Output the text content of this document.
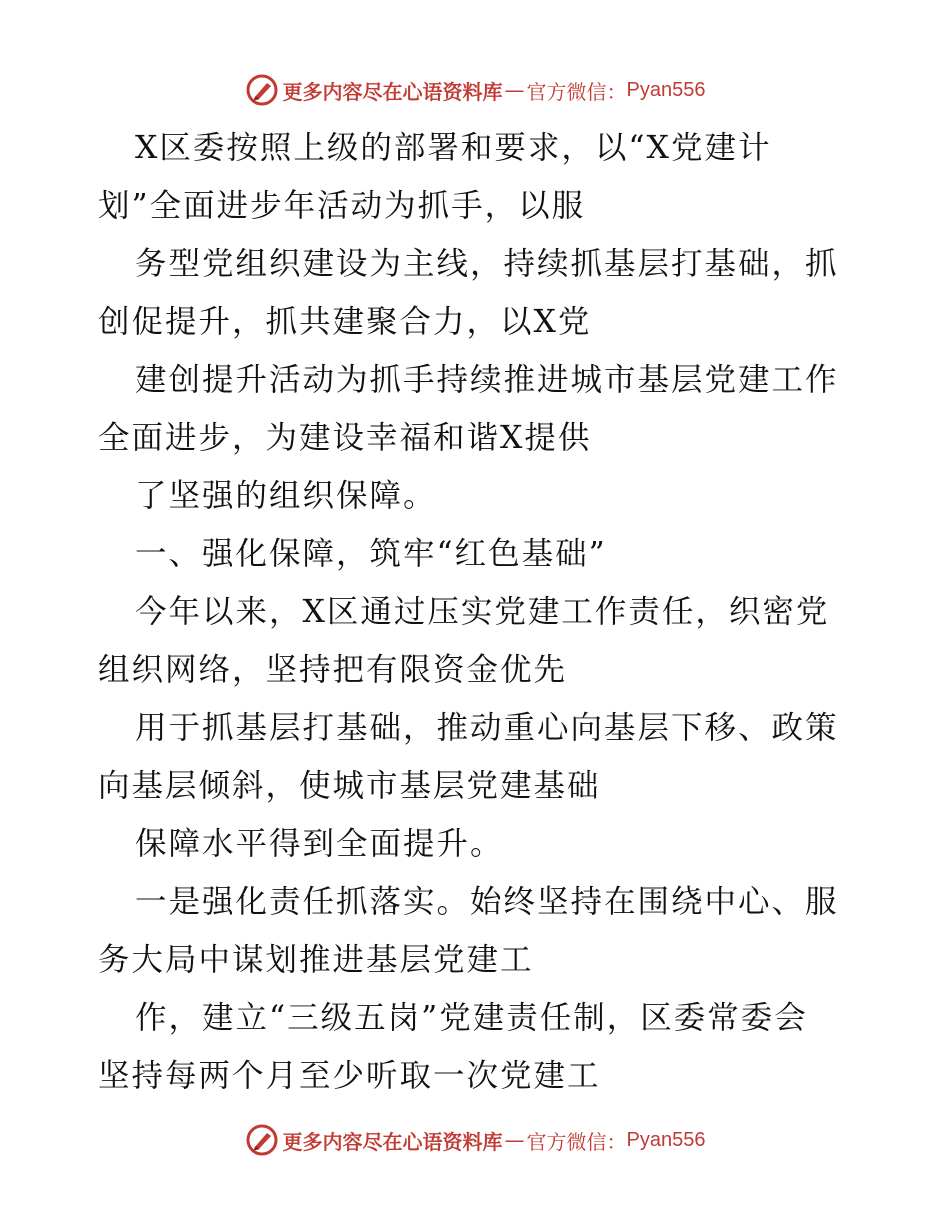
更多内容尽在心语资料库 — 官方微信： Pyan556
X区委按照上级的部署和要求，以“X党建计
划”全面进步年活动为抓手，以服
务型党组织建设为主线，持续抓基层打基础，抓
创促提升，抓共建聚合力，以X党
建创提升活动为抓手持续推进城市基层党建工作
全面进步，为建设幸福和谐X提供
了坚强的组织保障。
一、强化保障，筑牢“红色基础”
今年以来，X区通过压实党建工作责任，织密党
组织网络，坚持把有限资金优先
用于抓基层打基础，推动重心向基层下移、政策
向基层倾斜，使城市基层党建基础
保障水平得到全面提升。
一是强化责任抓落实。始终坚持在围绕中心、服
务大局中谋划推进基层党建工
作，建立“三级五岗”党建责任制，区委常委会
坚持每两个月至少听取一次党建工
更多内容尽在心语资料库 — 官方微信： Pyan556
